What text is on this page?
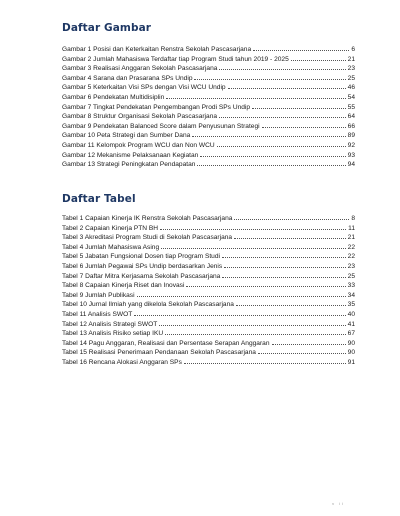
Daftar Gambar
Gambar 1 Posisi dan Keterkaitan Renstra Sekolah Pascasarjana	6
Gambar 2 Jumlah Mahasiswa Terdaftar tiap Program Studi tahun 2019 - 2025	21
Gambar 3 Realisasi Anggaran Sekolah Pascasarjana	23
Gambar 4 Sarana dan Prasarana SPs Undip	25
Gambar 5 Keterkaitan Visi SPs dengan Visi WCU Undip	46
Gambar 6 Pendekatan Multidisiplin	54
Gambar 7 Tingkat Pendekatan Pengembangan Prodi SPs Undip	55
Gambar 8 Struktur Organisasi Sekolah Pascasarjana	64
Gambar 9 Pendekatan Balanced Score dalam Penyusunan Strategi	66
Gambar 10 Peta Strategi dan Sumber Dana	89
Gambar 11 Kelompok Program WCU dan Non WCU	92
Gambar 12 Mekanisme Pelaksanaan Kegiatan	93
Gambar 13 Strategi Peningkatan Pendapatan	94
Daftar Tabel
Tabel 1 Capaian Kinerja IK Renstra Sekolah Pascasarjana	8
Tabel 2 Capaian Kinerja PTN BH	11
Tabel 3 Akreditasi Program Studi di Sekolah Pascasarjana	21
Tabel 4 Jumlah Mahasiswa Asing	22
Tabel 5 Jabatan Fungsional Dosen tiap Program Studi	22
Tabel 6 Jumlah Pegawai SPs Undip berdasarkan Jenis	23
Tabel 7 Daftar Mitra Kerjasama Sekolah Pascasarjana	25
Tabel 8 Capaian Kinerja Riset dan Inovasi	33
Tabel 9 Jumlah Publikasi	34
Tabel 10 Jurnal Ilmiah yang dikelola Sekolah Pascasarjana	35
Tabel 11 Analisis SWOT	40
Tabel 12 Analisis Strategi SWOT	41
Tabel 13 Analisis Risiko setiap IKU	67
Tabel 14 Pagu Anggaran, Realisasi dan Persentase Serapan Anggaran	90
Tabel 15 Realisasi Penerimaan Pendanaan Sekolah Pascasarjana	90
Tabel 16 Rencana Alokasi Anggaran SPs	91
v ii
